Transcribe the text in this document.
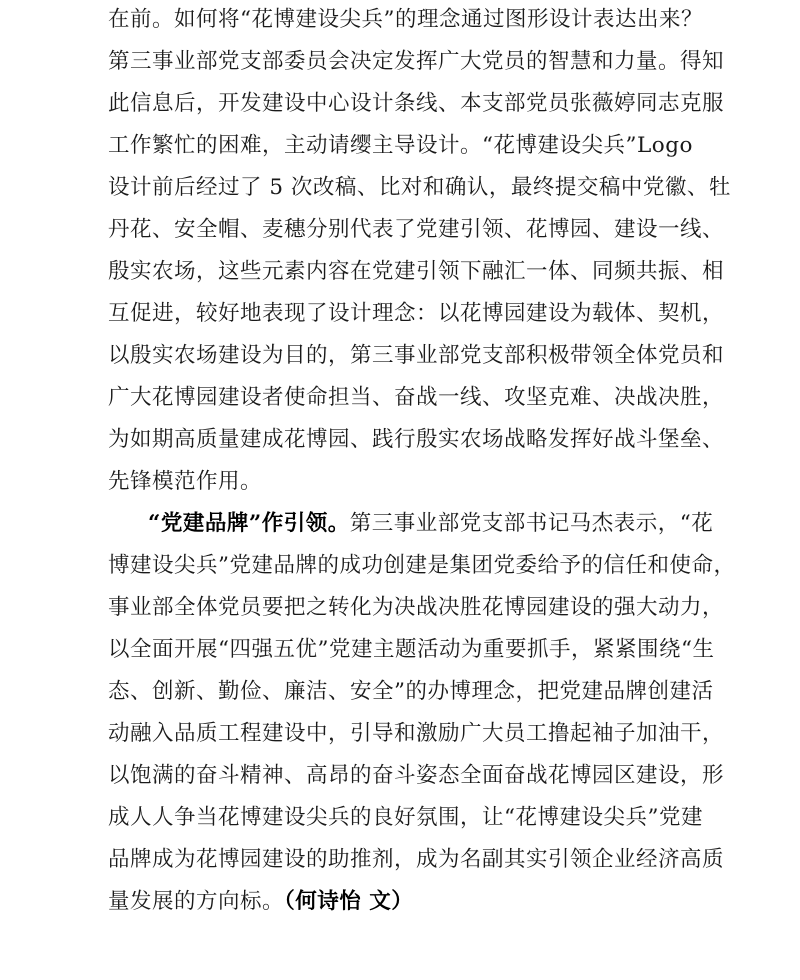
在前。如何将“花博建设尖兵”的理念通过图形设计表达出来？
第三事业部党支部委员会决定发挥广大党员的智慧和力量。得知
此信息后，开发建设中心设计条线、本支部党员张薇婷同志克服
工作繁忙的困难，主动请缨主导设计。“花博建设尖兵”Logo
设计前后经过了 5 次改稿、比对和确认，最终提交稿中党徽、牡
丹花、安全帽、麦穗分别代表了党建引领、花博园、建设一线、
殷实农场，这些元素内容在党建引领下融汇一体、同频共振、相
互促进，较好地表现了设计理念：以花博园建设为载体、契机，
以殷实农场建设为目的，第三事业部党支部积极带领全体党员和
广大花博园建设者使命担当、奋战一线、攻坚克难、决战决胜，
为如期高质量建成花博园、践行殷实农场战略发挥好战斗堡垒、
先锋模范作用。
“党建品牌”作引领。第三事业部党支部书记马杰表示，“花
博建设尖兵”党建品牌的成功创建是集团党委给予的信任和使命，
事业部全体党员要把之转化为决战决胜花博园建设的强大动力，
以全面开展“四强五优”党建主题活动为重要抓手，紧紧围绕“生
态、创新、勤俭、廉洁、安全”的办博理念，把党建品牌创建活
动融入品质工程建设中，引导和激励广大员工撸起袖子加油干，
以饱满的奋斗精神、高昂的奋斗姿态全面奋战花博园区建设，形
成人人争当花博建设尖兵的良好氛围，让“花博建设尖兵”党建
品牌成为花博园建设的助推剂，成为名副其实引领企业经济高质
量发展的方向标。（何诗怡 文）
